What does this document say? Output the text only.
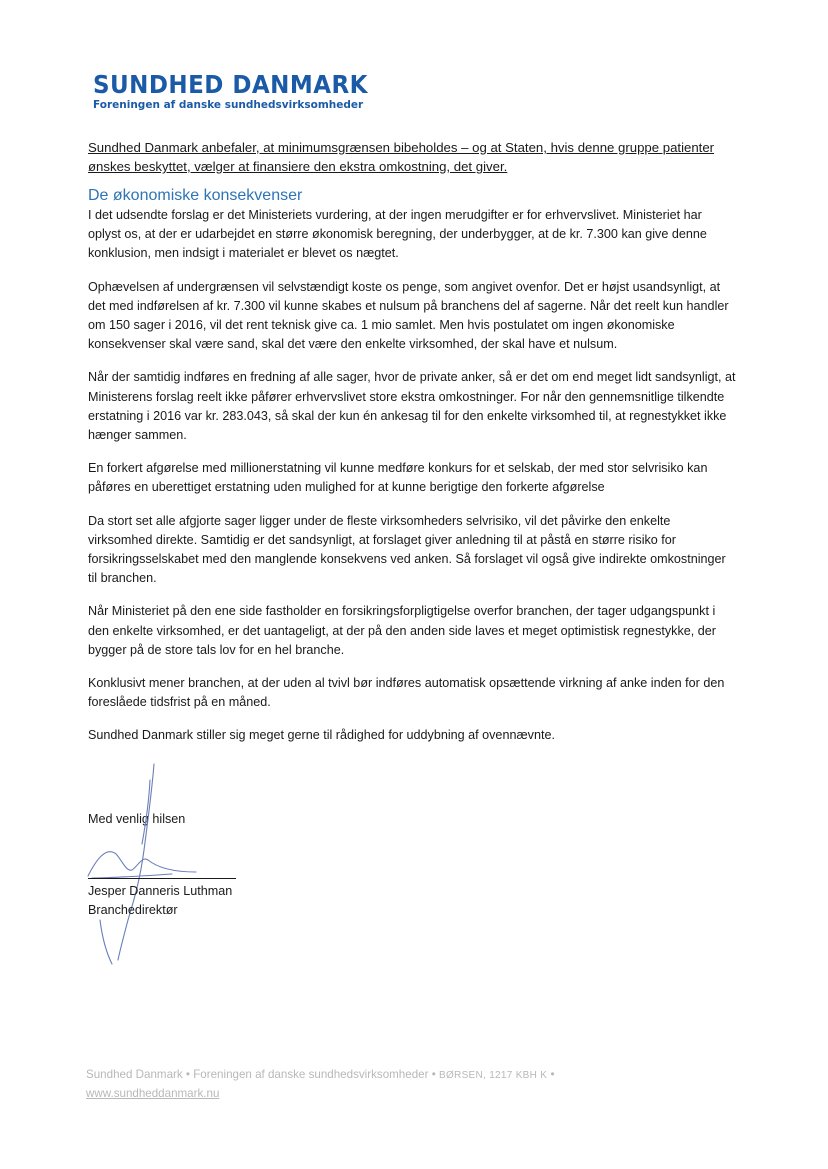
SUNDHED DANMARK
Foreningen af danske sundhedsvirksomheder
Sundhed Danmark anbefaler, at minimumsgrænsen bibeholdes – og at Staten, hvis denne gruppe patienter ønskes beskyttet, vælger at finansiere den ekstra omkostning, det giver.
De økonomiske konsekvenser

I det udsendte forslag er det Ministeriets vurdering, at der ingen merudgifter er for erhvervslivet. Ministeriet har oplyst os, at der er udarbejdet en større økonomisk beregning, der underbygger, at de kr. 7.300 kan give denne konklusion, men indsigt i materialet er blevet os nægtet.

Ophævelsen af undergrænsen vil selvstændigt koste os penge, som angivet ovenfor. Det er højst usandsynligt, at det med indførelsen af kr. 7.300 vil kunne skabes et nulsum på branchens del af sagerne. Når det reelt kun handler om 150 sager i 2016, vil det rent teknisk give ca. 1 mio samlet. Men hvis postulatet om ingen økonomiske konsekvenser skal være sand, skal det være den enkelte virksomhed, der skal have et nulsum.

Når der samtidig indføres en fredning af alle sager, hvor de private anker, så er det om end meget lidt sandsynligt, at Ministerens forslag reelt ikke påfører erhvervslivet store ekstra omkostninger. For når den gennemsnitlige tilkendte erstatning i 2016 var kr. 283.043, så skal der kun én ankesag til for den enkelte virksomhed til, at regnestykket ikke hænger sammen.

En forkert afgørelse med millionerstatning vil kunne medføre konkurs for et selskab, der med stor selvrisiko kan påføres en uberettiget erstatning uden mulighed for at kunne berigtige den forkerte afgørelse

Da stort set alle afgjorte sager ligger under de fleste virksomheders selvrisiko, vil det påvirke den enkelte virksomhed direkte. Samtidig er det sandsynligt, at forslaget giver anledning til at påstå en større risiko for forsikringsselskabet med den manglende konsekvens ved anken. Så forslaget vil også give indirekte omkostninger til branchen.

Når Ministeriet på den ene side fastholder en forsikringsforpligtigelse overfor branchen, der tager udgangspunkt i den enkelte virksomhed, er det uantageligt, at der på den anden side laves et meget optimistisk regnestykke, der bygger på de store tals lov for en hel branche.

Konklusivt mener branchen, at der uden al tvivl bør indføres automatisk opsættende virkning af anke inden for den foreslåede tidsfrist på en måned.

Sundhed Danmark stiller sig meget gerne til rådighed for uddybning af ovennævnte.

Med venlig hilsen
Jesper Danneris Luthman
Branchedirektør
Sundhed Danmark • Foreningen af danske sundhedsvirksomheder • BØRSEN, 1217 KBH K •
www.sundheddanmark.nu
